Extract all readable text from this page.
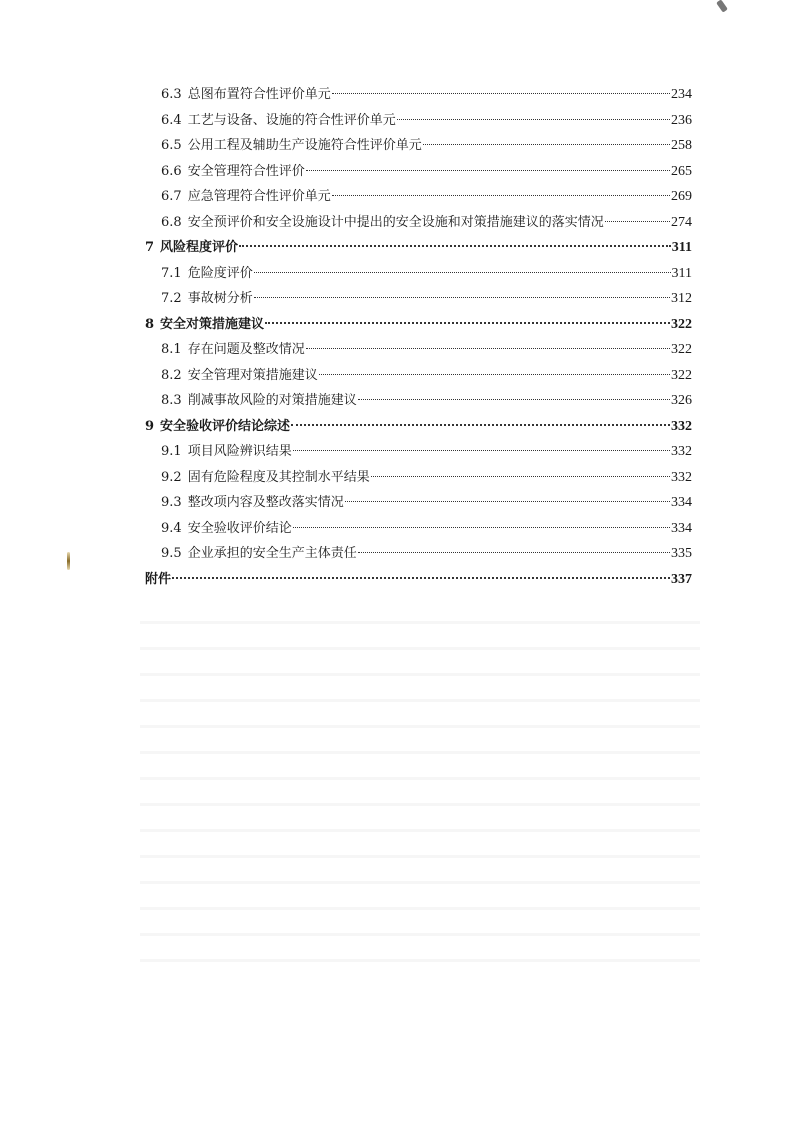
6.3 总图布置符合性评价单元	234
6.4 工艺与设备、设施的符合性评价单元	236
6.5 公用工程及辅助生产设施符合性评价单元	258
6.6 安全管理符合性评价	265
6.7 应急管理符合性评价单元	269
6.8 安全预评价和安全设施设计中提出的安全设施和对策措施建议的落实情况	274
7 风险程度评价	311
7.1 危险度评价	311
7.2 事故树分析	312
8 安全对策措施建议	322
8.1 存在问题及整改情况	322
8.2 安全管理对策措施建议	322
8.3 削减事故风险的对策措施建议	326
9 安全验收评价结论综述	332
9.1 项目风险辨识结果	332
9.2 固有危险程度及其控制水平结果	332
9.3 整改项内容及整改落实情况	334
9.4 安全验收评价结论	334
9.5 企业承担的安全生产主体责任	335
附件	337
